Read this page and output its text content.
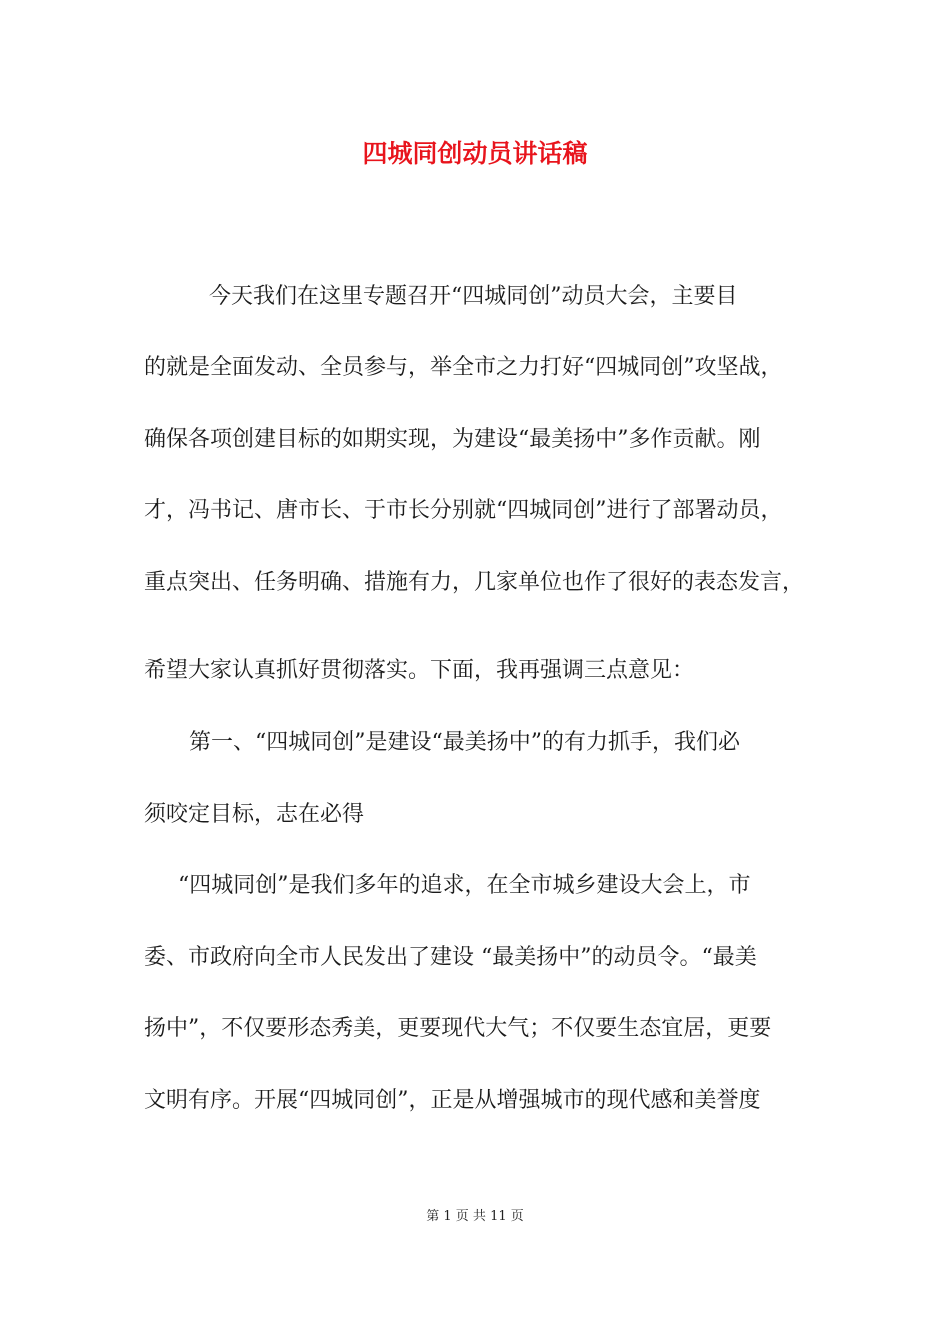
四城同创动员讲话稿

今天我们在这里专题召开“四城同创”动员大会，主要目

的就是全面发动、全员参与，举全市之力打好“四城同创”攻坚战，

确保各项创建目标的如期实现，为建设“最美扬中”多作贡献。刚

才，冯书记、唐市长、于市长分别就“四城同创”进行了部署动员，

重点突出、任务明确、措施有力，几家单位也作了很好的表态发言，

希望大家认真抓好贯彻落实。下面，我再强调三点意见：

第一、“四城同创”是建设“最美扬中”的有力抓手，我们必

须咬定目标，志在必得

“四城同创”是我们多年的追求，在全市城乡建设大会上，市

委、市政府向全市人民发出了建设 “最美扬中”的动员令。“最美

扬中”，不仅要形态秀美，更要现代大气；不仅要生态宜居，更要

文明有序。开展“四城同创”，正是从增强城市的现代感和美誉度

第 1 页 共 11 页
